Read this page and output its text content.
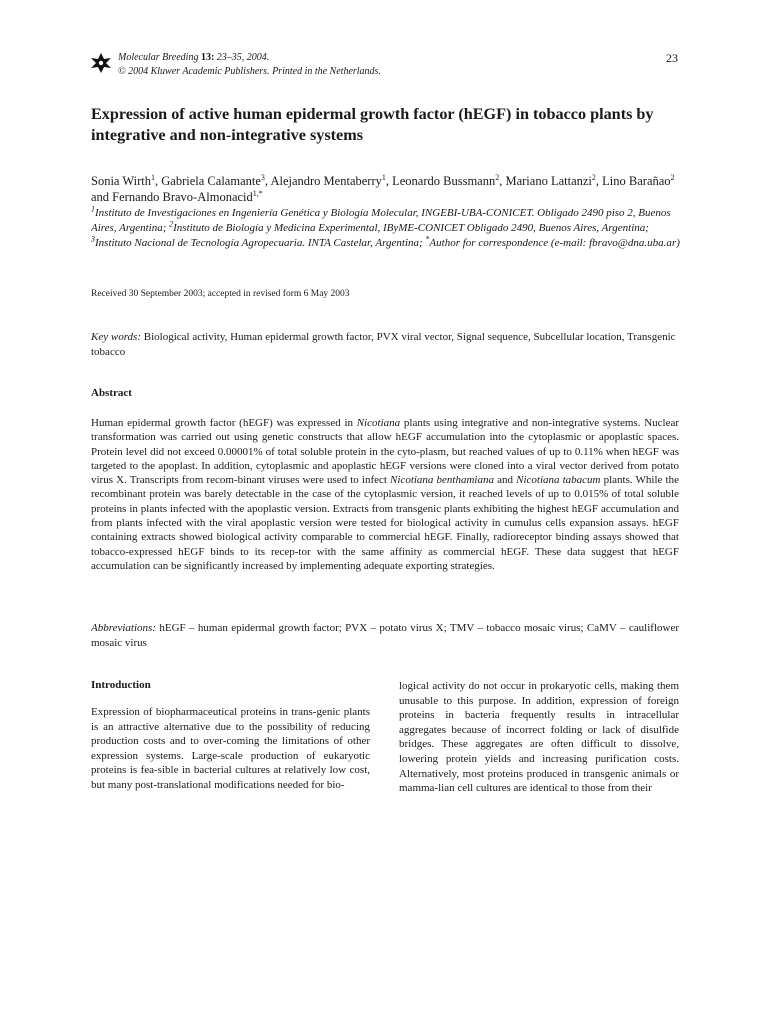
Molecular Breeding 13: 23–35, 2004.
© 2004 Kluwer Academic Publishers. Printed in the Netherlands.
23
Expression of active human epidermal growth factor (hEGF) in tobacco plants by integrative and non-integrative systems
Sonia Wirth$^1$, Gabriela Calamante$^3$, Alejandro Mentaberry$^1$, Leonardo Bussmann$^2$, Mariano Lattanzi$^2$, Lino Barañao$^2$ and Fernando Bravo-Almonacid$^{1,*}$
$^1$Instituto de Investigaciones en Ingeniería Genética y Biología Molecular, INGEBI-UBA-CONICET. Obligado 2490 piso 2, Buenos Aires, Argentina; $^2$Instituto de Biología y Medicina Experimental, IByME-CONICET Obligado 2490, Buenos Aires, Argentina; $^3$Instituto Nacional de Tecnología Agropecuaria. INTA Castelar, Argentina; *Author for correspondence (e-mail: fbravo@dna.uba.ar)
Received 30 September 2003; accepted in revised form 6 May 2003
Key words: Biological activity, Human epidermal growth factor, PVX viral vector, Signal sequence, Subcellular location, Transgenic tobacco
Abstract

Human epidermal growth factor (hEGF) was expressed in Nicotiana plants using integrative and non-integrative systems. Nuclear transformation was carried out using genetic constructs that allow hEGF accumulation into the cytoplasmic or apoplastic spaces. Protein level did not exceed 0.00001% of total soluble protein in the cyto-plasm, but reached values of up to 0.11% when hEGF was targeted to the apoplast. In addition, cytoplasmic and apoplastic hEGF versions were cloned into a viral vector derived from potato virus X. Transcripts from recom-binant viruses were used to infect Nicotiana benthamiana and Nicotiana tabacum plants. While the recombinant protein was barely detectable in the case of the cytoplasmic version, it reached levels of up to 0.015% of total soluble proteins in plants infected with the apoplastic version. Extracts from transgenic plants exhibiting the highest hEGF accumulation and from plants infected with the viral apoplastic version were tested for biological activity in cumulus cells expansion assays. hEGF containing extracts showed biological activity comparable to commercial hEGF. Finally, radioreceptor binding assays showed that tobacco-expressed hEGF binds to its recep-tor with the same affinity as commercial hEGF. These data suggest that hEGF accumulation can be significantly increased by implementing adequate exporting strategies.

Abbreviations: hEGF – human epidermal growth factor; PVX – potato virus X; TMV – tobacco mosaic virus; CaMV – cauliflower mosaic virus
Introduction

Expression of biopharmaceutical proteins in trans-genic plants is an attractive alternative due to the possibility of reducing production costs and to over-coming the limitations of other expression systems. Large-scale production of eukaryotic proteins is fea-sible in bacterial cultures at relatively low cost, but many post-translational modifications needed for bio-

logical activity do not occur in prokaryotic cells, making them unusable to this purpose. In addition, expression of foreign proteins in bacteria frequently results in intracellular aggregates because of incorrect folding or lack of disulfide bridges. These aggregates are often difficult to dissolve, lowering protein yields and increasing purification costs. Alternatively, most proteins produced in transgenic animals or mamma-lian cell cultures are identical to those from their
